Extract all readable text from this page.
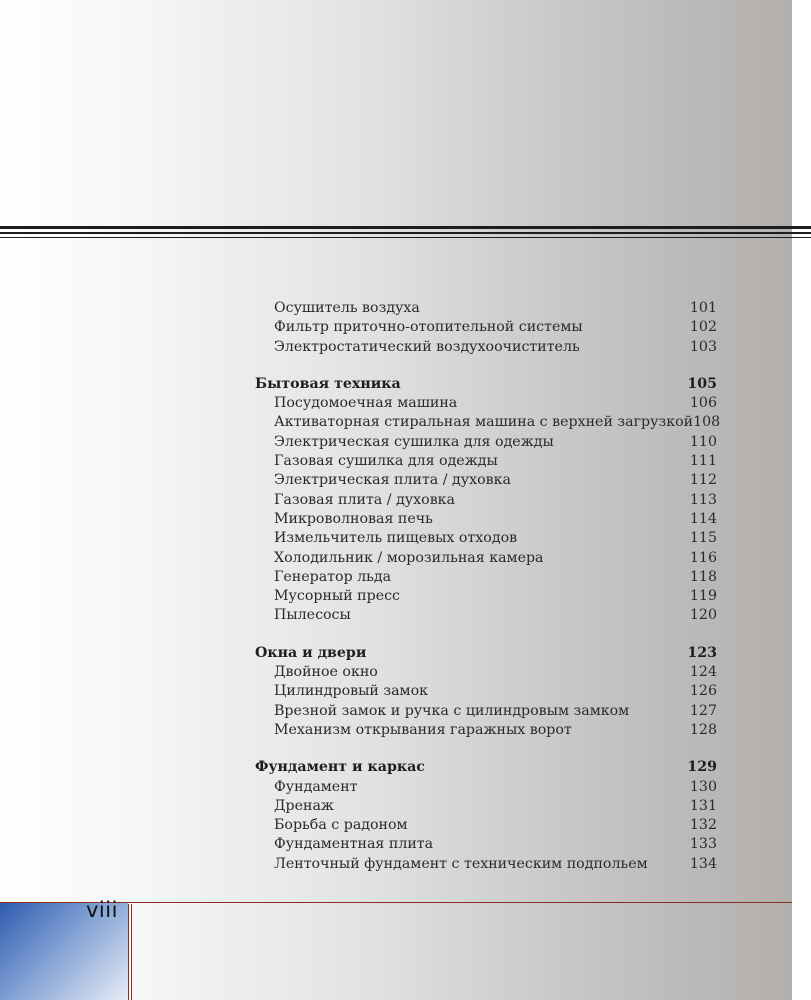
Осушитель воздуха	101
Фильтр приточно-отопительной системы	102
Электростатический воздухоочиститель	103
Бытовая техника	105
Посудомоечная машина	106
Активаторная стиральная машина с верхней загрузкой 108
Электрическая сушилка для одежды	110
Газовая сушилка для одежды	111
Электрическая плита / духовка	112
Газовая плита / духовка	113
Микроволновая печь	114
Измельчитель пищевых отходов	115
Холодильник / морозильная камера	116
Генератор льда	118
Мусорный пресс	119
Пылесосы	120
Окна и двери	123
Двойное окно	124
Цилиндровый замок	126
Врезной замок и ручка с цилиндровым замком	127
Механизм открывания гаражных ворот	128
Фундамент и каркас	129
Фундамент	130
Дренаж	131
Борьба с радоном	132
Фундаментная плита	133
Ленточный фундамент с техническим подпольем	134
viii
